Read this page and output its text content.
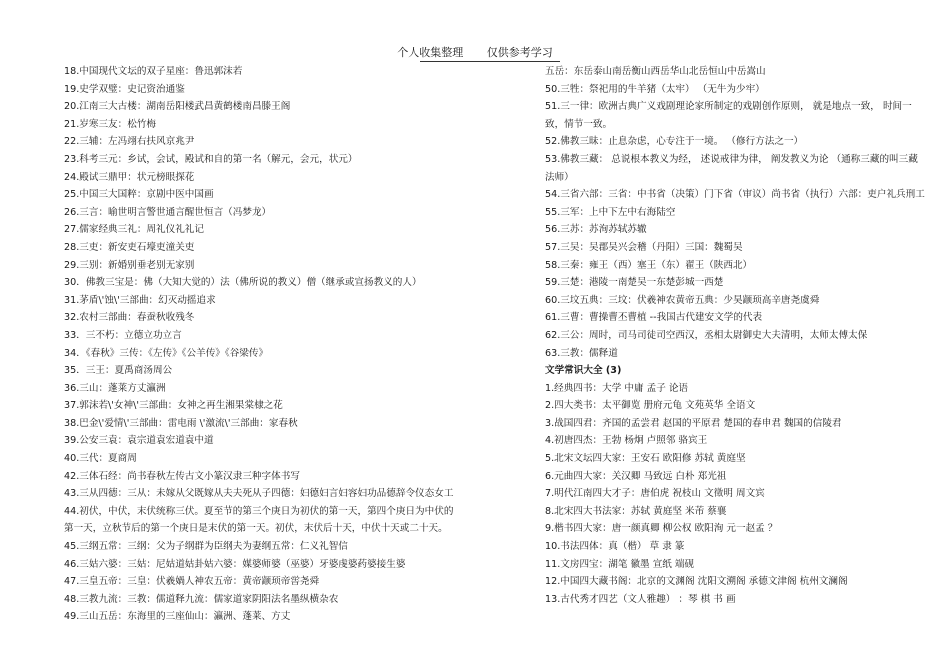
个人收集整理 仅供参考学习
18.中国现代文坛的双子星座：鲁迅郭沫若
19.史学双璧：史记资治通鉴
20.江南三大古楼：湖南岳阳楼武昌黄鹤楼南昌滕王阁
21.岁寒三友：松竹梅
22.三辅：左冯翊右扶风京兆尹
23.科考三元：乡试，会试，殿试和自的第一名（解元，会元，状元）
24.殿试三鼎甲：状元榜眼探花
25.中国三大国粹：京剧中医中国画
26.三言：喻世明言警世通言醒世恒言（冯梦龙）
27.儒家经典三礼：周礼仪礼礼记
28.三吏：新安吏石壕吏潼关吏
29.三别：新婚别垂老别无家别
30．佛教三宝是：佛（大知大觉的）法（佛所说的教义）僧（继承或宣扬教义的人）
31.茅盾\'蚀\'三部曲：幻灭动摇追求
32.农村三部曲：春蚕秋收残冬
33．三不朽：立德立功立言
34．《春秋》三传：《左传》《公羊传》《谷梁传》
35．三王：夏禹商汤周公
36.三山：蓬莱方丈瀛洲
37.郭沫若\'女神\'三部曲：女神之再生湘果棠棣之花
38.巴金\'爱情\'三部曲：雷电雨 \'激流\'三部曲：家春秋
39.公安三袁：袁宗道袁宏道袁中道
40.三代：夏商周
42.三体石经：尚书春秋左传古文小篆汉隶三种字体书写
43.三从四德：三从：未嫁从父既嫁从夫夫死从子四德：妇德妇言妇容妇功品德辞令仪态女工
44.初伏，中伏，末伏统称三伏。夏至节的第三个庚日为初伏的第一天，第四个庚日为中伏的第一天，立秋节后的第一个庚日是末伏的第一天。初伏，末伏后十天，中伏十天或二十天。
45.三纲五常：三纲：父为子纲群为臣纲夫为妻纲五常：仁义礼智信
46.三姑六婆：三姑：尼姑道姑卦姑六婆：媒婆师婆（巫婆）牙婆虔婆药婆接生婆
47.三皇五帝：三皇：伏羲媧人神农五帝：黄帝颛顼帝喾尧舜
48.三教九流：三教：儒道释九流：儒家道家阴阳法名墨纵横杂农
49.三山五岳：东海里的三座仙山：瀛洲、蓬莱、方丈
五岳：东岳泰山南岳衡山西岳华山北岳恒山中岳嵩山
50.三牲：祭祀用的牛羊猪（太牢） （无牛为少牢）
51.三一律：欧洲古典广义戏剧理论家所制定的戏剧创作原则， 就是地点一致， 时间一致，情节一致。
52.佛教三昧：止息杂虑，心专注于一境。 （修行方法之一）
53.佛教三藏： 总说根本教义为经， 述说戒律为律， 阐发教义为论 （通称三藏的叫三藏法师）
54.三省六部：三省：中书省（决策）门下省（审议）尚书省（执行）六部：吏户礼兵刑工
55.三军：上中下左中右海陆空
56.三苏：苏洵苏轼苏辙
57.三吴：吴郡吴兴会稽（丹阳）三国：魏蜀吴
58.三秦：雍王（西）塞王（东）翟王（陕西北）
59.三楚：港陵一南楚吴一东楚彭城一西楚
60.三坟五典：三坟：伏羲神农黄帝五典：少昊颛顼高辛唐尧虞舜
61.三曹：曹操曹丕曹植 --我国古代建安文学的代表
62.三公：周时，司马司徒司空西汉，丞相太尉御史大夫清明，太师太傅太保
63.三教：儒释道
文学常识大全 (3)
1.经典四书：大学 中庸 孟子 论语
2.四大类书：太平御览 册府元龟 文苑英华 全语文
3.战国四君：齐国的孟尝君 赵国的平原君 楚国的春申君 魏国的信陵君
4.初唐四杰：王勃 杨炯 卢照邻 骆宾王
5.北宋文坛四大家：王安石 欧阳修 苏轼 黄庭坚
6.元曲四大家：关汉卿 马致远 白朴 郑光祖
7.明代江南四大才子：唐伯虎 祝枝山 文徵明 周文宾
8.北宋四大书法家：苏轼 黄庭坚 米芾 蔡襄
9.楷书四大家：唐一颜真卿 柳公权 欧阳洵 元一赵孟 ？
10.书法四体：真（楷） 草 隶 篆
11.文房四宝：湖笔 徽墨 宣纸 端砚
12.中国四大藏书阁：北京的文渊阁 沈阳文溯阁 承德文津阁 杭州文澜阁
13.古代秀才四艺（文人雅趣） ：琴 棋 书 画
